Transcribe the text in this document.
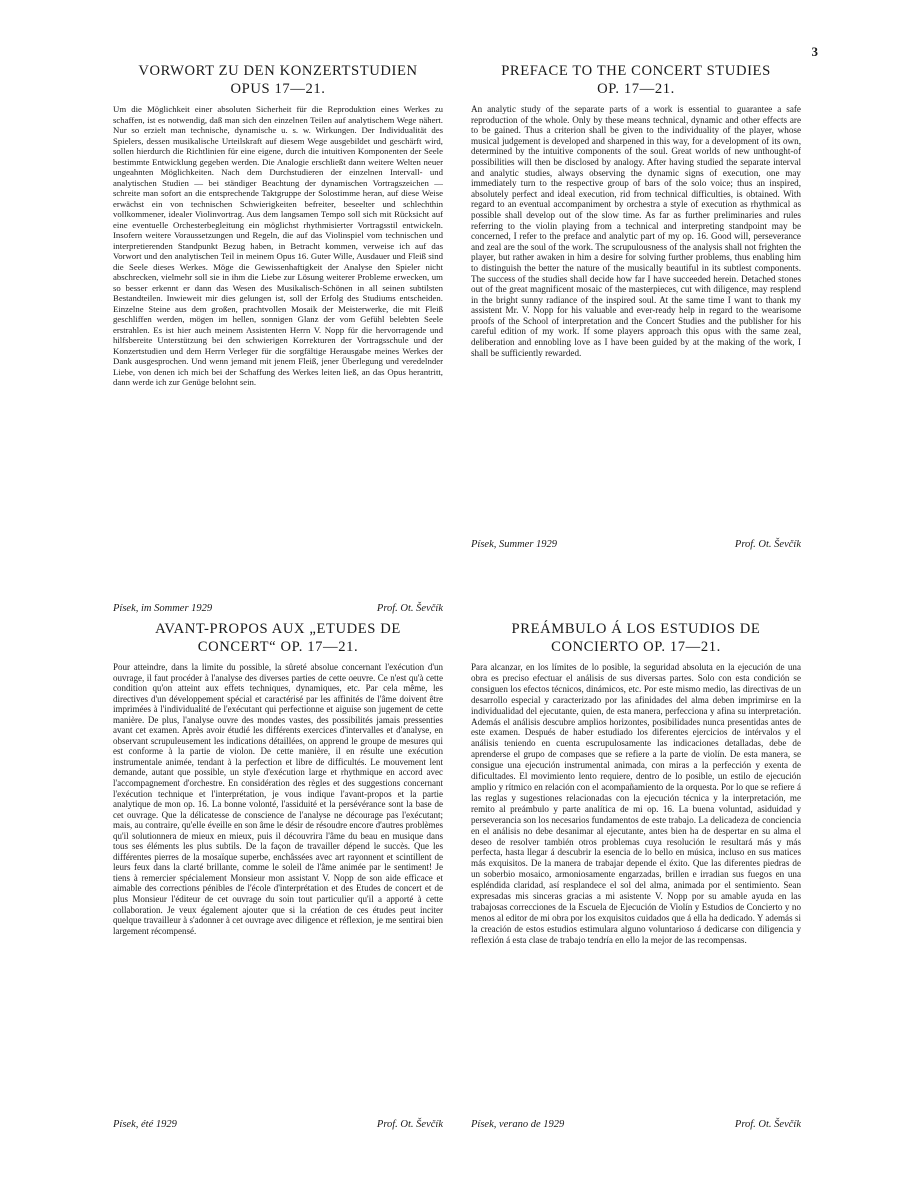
3
VORWORT ZU DEN KONZERTSTUDIEN
OPUS 17—21.

Um die Möglichkeit einer absoluten Sicherheit für die Reproduktion eines Werkes zu schaffen, ist es notwendig, daß man sich den einzelnen Teilen auf analytischem Wege nähert. Nur so erzielt man technische, dynamische u. s. w. Wirkungen. Der Individualität des Spielers, dessen musikalische Urteilskraft auf diesem Wege ausgebildet und geschärft wird, sollen hierdurch die Richtlinien für eine eigene, durch die intuitiven Komponenten der Seele bestimmte Entwicklung gegeben werden. Die Analogie erschließt dann weitere Welten neuer ungeahnten Möglichkeiten. Nach dem Durchstudieren der einzelnen Intervall- und analytischen Studien — bei ständiger Beachtung der dynamischen Vortragszeichen — schreite man sofort an die entsprechende Taktgruppe der Solostimme heran, auf diese Weise erwächst ein von technischen Schwierigkeiten befreiter, beseelter und schlechthin vollkommener, idealer Violinvortrag. Aus dem langsamen Tempo soll sich mit Rücksicht auf eine eventuelle Orchesterbegleitung ein möglichst rhythmisierter Vortragsstil entwickeln. Insofern weitere Voraussetzungen und Regeln, die auf das Violinspiel vom technischen und interpretierenden Standpunkt Bezug haben, in Betracht kommen, verweise ich auf das Vorwort und den analytischen Teil in meinem Opus 16. Guter Wille, Ausdauer und Fleiß sind die Seele dieses Werkes. Möge die Gewissenhaftigkeit der Analyse den Spieler nicht abschrecken, vielmehr soll sie in ihm die Liebe zur Lösung weiterer Probleme erwecken, um so besser erkennt er dann das Wesen des Musikalisch-Schönen in all seinen subtilsten Bestandteilen. Inwieweit mir dies gelungen ist, soll der Erfolg des Studiums entscheiden. Einzelne Steine aus dem großen, prachtvollen Mosaik der Meisterwerke, die mit Fleiß geschliffen werden, mögen im hellen, sonnigen Glanz der vom Gefühl belebten Seele erstrahlen. Es ist hier auch meinem Assistenten Herrn V. Nopp für die hervorragende und hilfsbereite Unterstützung bei den schwierigen Korrekturen der Vortragsschule und der Konzertstudien und dem Herrn Verleger für die sorgfältige Herausgabe meines Werkes der Dank ausgesprochen. Und wenn jemand mit jenem Fleiß, jener Überlegung und veredelnder Liebe, von denen ich mich bei der Schaffung des Werkes leiten ließ, an das Opus herantritt, dann werde ich zur Genüge belohnt sein.

Písek, im Sommer 1929	Prof. Ot. Ševčík
PREFACE TO THE CONCERT STUDIES
OP. 17—21.

An analytic study of the separate parts of a work is essential to guarantee a safe reproduction of the whole. Only by these means technical, dynamic and other effects are to be gained. Thus a criterion shall be given to the individuality of the player, whose musical judgement is developed and sharpened in this way, for a development of its own, determined by the intuitive components of the soul. Great worlds of new unthought-of possibilities will then be disclosed by analogy. After having studied the separate interval and analytic studies, always observing the dynamic signs of execution, one may immediately turn to the respective group of bars of the solo voice; thus an inspired, absolutely perfect and ideal execution, rid from technical difficulties, is obtained. With regard to an eventual accompaniment by orchestra a style of execution as rhythmical as possible shall develop out of the slow time. As far as further preliminaries and rules referring to the violin playing from a technical and interpreting standpoint may be concerned, I refer to the preface and analytic part of my op. 16. Good will, perseverance and zeal are the soul of the work. The scrupulousness of the analysis shall not frighten the player, but rather awaken in him a desire for solving further problems, thus enabling him to distinguish the better the nature of the musically beautiful in its subtlest components. The success of the studies shall decide how far I have succeeded herein. Detached stones out of the great magnificent mosaic of the masterpieces, cut with diligence, may resplend in the bright sunny radiance of the inspired soul. At the same time I want to thank my assistent Mr. V. Nopp for his valuable and ever-ready help in regard to the wearisome proofs of the School of interpretation and the Concert Studies and the publisher for his careful edition of my work. If some players approach this opus with the same zeal, deliberation and ennobling love as I have been guided by at the making of the work, I shall be sufficiently rewarded.

Písek, Summer 1929	Prof. Ot. Ševčík
AVANT-PROPOS AUX „ETUDES DE
CONCERT“ OP. 17—21.

Pour atteindre, dans la limite du possible, la sûreté absolue concernant l'exécution d'un ouvrage, il faut procéder à l'analyse des diverses parties de cette oeuvre. Ce n'est qu'à cette condition qu'on atteint aux effets techniques, dynamiques, etc. Par cela même, les directives d'un développement spécial et caractérisé par les affinités de l'âme doivent être imprimées à l'individualité de l'exécutant qui perfectionne et aiguise son jugement de cette manière. De plus, l'analyse ouvre des mondes vastes, des possibilités jamais pressenties avant cet examen. Après avoir étudié les différents exercices d'intervalles et d'analyse, en observant scrupuleusement les indications détaillées, on apprend le groupe de mesures qui est conforme à la partie de violon. De cette manière, il en résulte une exécution instrumentale animée, tendant à la perfection et libre de difficultés. Le mouvement lent demande, autant que possible, un style d'exécution large et rhythmique en accord avec l'accompagnement d'orchestre. En considération des règles et des suggestions concernant l'exécution technique et l'interprétation, je vous indique l'avant-propos et la partie analytique de mon op. 16. La bonne volonté, l'assiduité et la persévérance sont la base de cet ouvrage. Que la délicatesse de conscience de l'analyse ne décourage pas l'exécutant; mais, au contraire, qu'elle éveille en son âme le désir de résoudre encore d'autres problèmes qu'il solutionnera de mieux en mieux, puis il découvrira l'âme du beau en musique dans tous ses éléments les plus subtils. De la façon de travailler dépend le succès. Que les différentes pierres de la mosaïque superbe, enchâssées avec art rayonnent et scintillent de leurs feux dans la clarté brillante, comme le soleil de l'âme animée par le sentiment! Je tiens à remercier spécialement Monsieur mon assistant V. Nopp de son aide efficace et aimable des corrections pénibles de l'école d'interprétation et des Etudes de concert et de plus Monsieur l'éditeur de cet ouvrage du soin tout particulier qu'il a apporté à cette collaboration. Je veux également ajouter que si la création de ces études peut inciter quelque travailleur à s'adonner à cet ouvrage avec diligence et réflexion, je me sentirai bien largement récompensé.

Písek, été 1929	Prof. Ot. Ševčík
PREÁMBULO Á LOS ESTUDIOS DE
CONCIERTO OP. 17—21.

Para alcanzar, en los límites de lo posible, la seguridad absoluta en la ejecución de una obra es preciso efectuar el análisis de sus diversas partes. Solo con esta condición se consiguen los efectos técnicos, dinámicos, etc. Por este mismo medio, las directivas de un desarrollo especial y caracterizado por las afinidades del alma deben imprimirse en la individualidad del ejecutante, quien, de esta manera, perfecciona y afina su interpretación. Además el análisis descubre amplios horizontes, posibilidades nunca presentidas antes de este examen. Después de haber estudiado los diferentes ejercicios de intérvalos y el análisis teniendo en cuenta escrupulosamente las indicaciones detalladas, debe de aprenderse el grupo de compases que se refiere a la parte de violín. De esta manera, se consigue una ejecución instrumental animada, con miras a la perfección y exenta de dificultades. El movimiento lento requiere, dentro de lo posible, un estilo de ejecución amplio y rítmico en relación con el acompañamiento de la orquesta. Por lo que se refiere á las reglas y sugestiones relacionadas con la ejecución técnica y la interpretación, me remito al preámbulo y parte analítica de mi op. 16. La buena voluntad, asiduidad y perseverancia son los necesarios fundamentos de este trabajo. La delicadeza de conciencia en el análisis no debe desanimar al ejecutante, antes bien ha de despertar en su alma el deseo de resolver también otros problemas cuya resolución le resultará más y más perfecta, hasta llegar á descubrir la esencia de lo bello en música, incluso en sus matices más exquisitos. De la manera de trabajar depende el éxito. Que las diferentes piedras de un soberbio mosaico, armoniosamente engarzadas, brillen e irradian sus fuegos en una espléndida claridad, así resplandece el sol del alma, animada por el sentimiento. Sean expresadas mis sinceras gracias a mi asistente V. Nopp por su amable ayuda en las trabajosas correcciones de la Escuela de Ejecución de Violín y Estudios de Concierto y no menos al editor de mi obra por los exquisitos cuidados que á ella ha dedicado. Y además si la creación de estos estudios estimulara alguno voluntarioso á dedicarse con diligencia y reflexión á esta clase de trabajo tendría en ello la mejor de las recompensas.

Písek, verano de 1929	Prof. Ot. Ševčík
